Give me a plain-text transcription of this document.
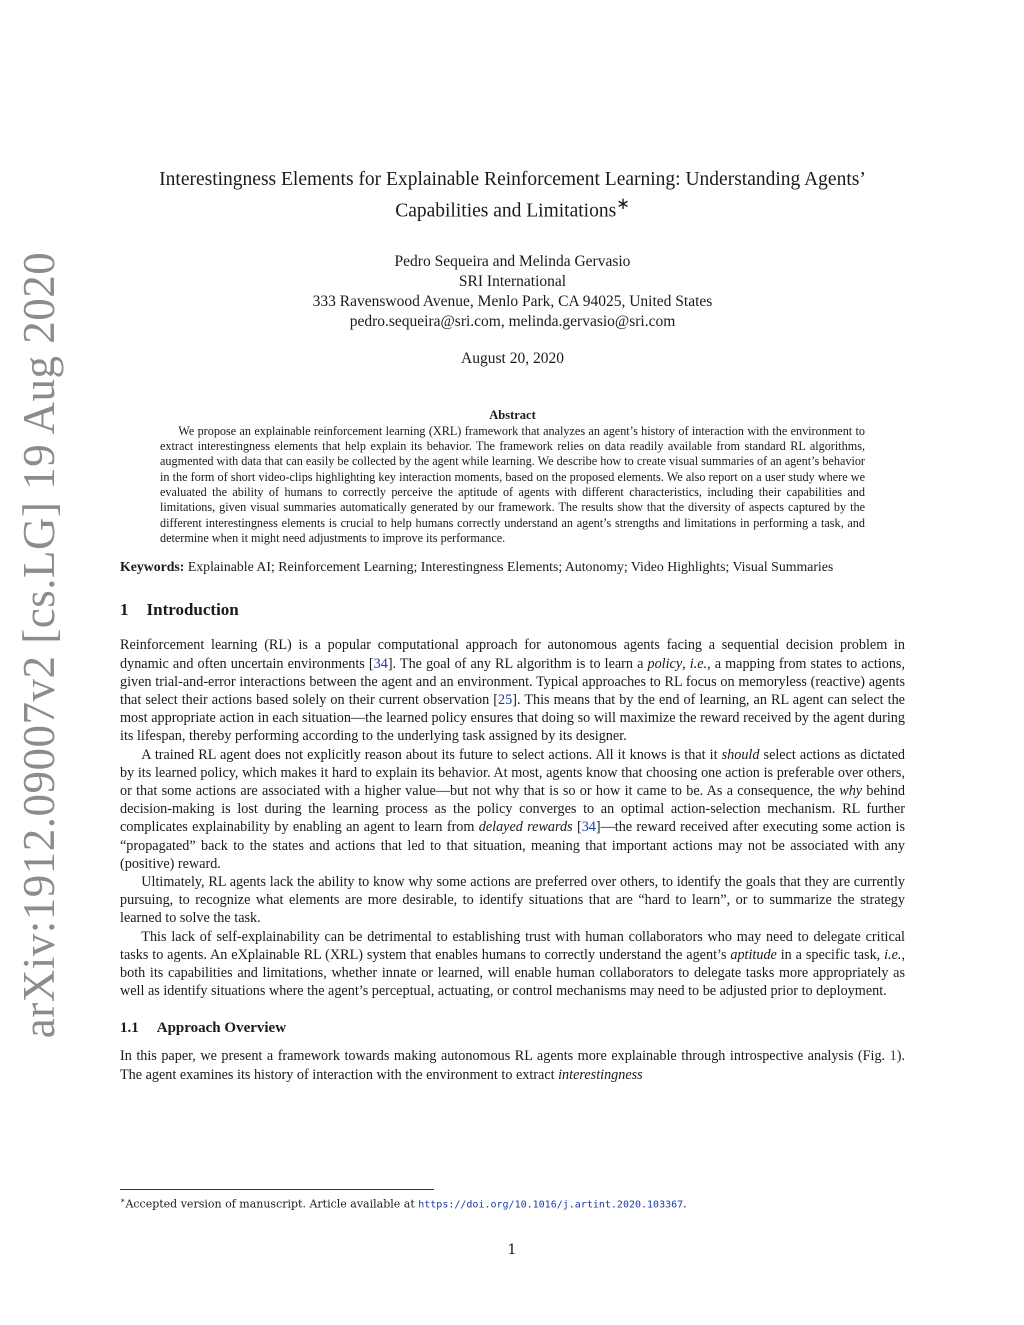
arXiv:1912.09007v2 [cs.LG] 19 Aug 2020
Interestingness Elements for Explainable Reinforcement Learning: Understanding Agents’
Capabilities and Limitations∗
Pedro Sequeira and Melinda Gervasio
SRI International
333 Ravenswood Avenue, Menlo Park, CA 94025, United States
pedro.sequeira@sri.com, melinda.gervasio@sri.com
August 20, 2020
Abstract

We propose an explainable reinforcement learning (XRL) framework that analyzes an agent’s history of interaction with the environment to extract interestingness elements that help explain its behavior. The framework relies on data readily available from standard RL algorithms, augmented with data that can easily be collected by the agent while learning. We describe how to create visual summaries of an agent’s behavior in the form of short video-clips highlighting key interaction moments, based on the proposed elements. We also report on a user study where we evaluated the ability of humans to correctly perceive the aptitude of agents with different characteristics, including their capabilities and limitations, given visual summaries automatically generated by our framework. The results show that the diversity of aspects captured by the different interestingness elements is crucial to help humans correctly understand an agent’s strengths and limitations in performing a task, and determine when it might need adjustments to improve its performance.

Keywords: Explainable AI; Reinforcement Learning; Interestingness Elements; Autonomy; Video Highlights; Visual Summaries
1 Introduction

Reinforcement learning (RL) is a popular computational approach for autonomous agents facing a sequential decision problem in dynamic and often uncertain environments [34]. The goal of any RL algorithm is to learn a policy, i.e., a mapping from states to actions, given trial-and-error interactions between the agent and an environment. Typical approaches to RL focus on memoryless (reactive) agents that select their actions based solely on their current observation [25]. This means that by the end of learning, an RL agent can select the most appropriate action in each situation—the learned policy ensures that doing so will maximize the reward received by the agent during its lifespan, thereby performing according to the underlying task assigned by its designer.

A trained RL agent does not explicitly reason about its future to select actions. All it knows is that it should select actions as dictated by its learned policy, which makes it hard to explain its behavior. At most, agents know that choosing one action is preferable over others, or that some actions are associated with a higher value—but not why that is so or how it came to be. As a consequence, the why behind decision-making is lost during the learning process as the policy converges to an optimal action-selection mechanism. RL further complicates explainability by enabling an agent to learn from delayed rewards [34]—the reward received after executing some action is “propagated” back to the states and actions that led to that situation, meaning that important actions may not be associated with any (positive) reward.

Ultimately, RL agents lack the ability to know why some actions are preferred over others, to identify the goals that they are currently pursuing, to recognize what elements are more desirable, to identify situations that are “hard to learn”, or to summarize the strategy learned to solve the task.

This lack of self-explainability can be detrimental to establishing trust with human collaborators who may need to delegate critical tasks to agents. An eXplainable RL (XRL) system that enables humans to correctly understand the agent’s aptitude in a specific task, i.e., both its capabilities and limitations, whether innate or learned, will enable human collaborators to delegate tasks more appropriately as well as identify situations where the agent’s perceptual, actuating, or control mechanisms may need to be adjusted prior to deployment.

1.1 Approach Overview

In this paper, we present a framework towards making autonomous RL agents more explainable through introspective analysis (Fig. 1). The agent examines its history of interaction with the environment to extract interestingness

∗Accepted version of manuscript. Article available at https://doi.org/10.1016/j.artint.2020.103367.
1
